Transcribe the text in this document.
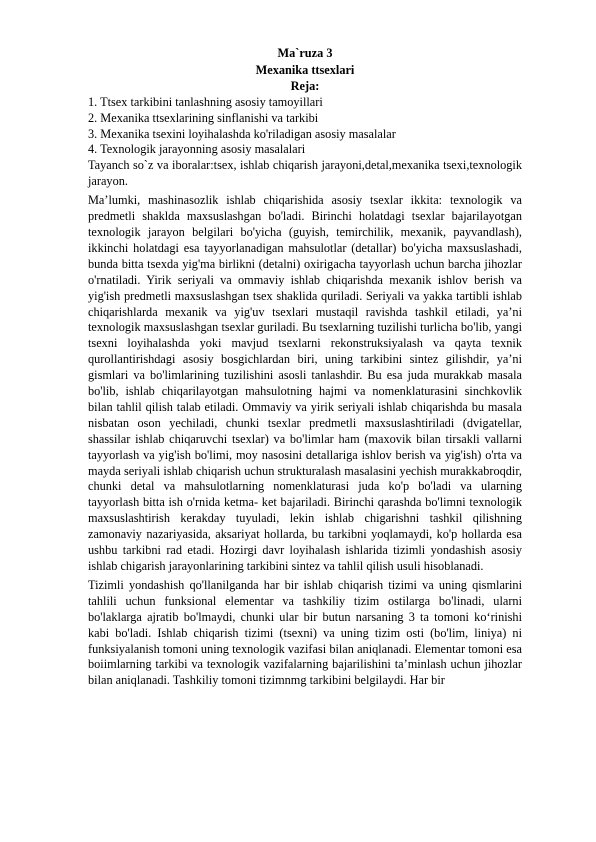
Ma`ruza 3

Mexanika ttsexlari

Reja:

1. Ttsex tarkibini tanlashning asosiy tamoyillari
2. Mexanika ttsexlarining sinflanishi va tarkibi
3. Mexanika tsexini loyihalashda ko'riladigan asosiy masalalar
4. Texnologik jarayonning asosiy masalalari

Tayanch so`z va iboralar:tsex, ishlab chiqarish jarayoni,detal,mexanika tsexi,texnologik jarayon.

Ma’lumki, mashinasozlik ishlab chiqarishida asosiy tsexlar ikkita: texnologik va predmetli shaklda maxsuslashgan bo'ladi. Birinchi holatdagi tsexlar bajarilayotgan texnologik jarayon belgilari bo'yicha (guyish, temirchilik, mexanik, payvandlash), ikkinchi holatdagi esa tayyorlanadigan mahsulotlar (detallar) bo'yicha maxsuslashadi, bunda bitta tsexda yig'ma birlikni (detalni) oxirigacha tayyorlash uchun barcha jihozlar o'rnatiladi. Yirik seriyali va ommaviy ishlab chiqarishda mexanik ishlov berish va yig'ish predmetli maxsuslashgan tsex shaklida quriladi. Seriyali va yakka tartibli ishlab chiqarishlarda mexanik va yig'uv tsexlari mustaqil ravishda tashkil etiladi, ya’ni texnologik maxsuslashgan tsexlar guriladi. Bu tsexlarning tuzilishi turlicha bo'lib, yangi tsexni loyihalashda yoki mavjud tsexlarni rekonstruksiyalash va qayta texnik qurollantirishdagi asosiy bosgichlardan biri, uning tarkibini sintez gilishdir, ya’ni gismlari va bo'limlarining tuzilishini asosli tanlashdir. Bu esa juda murakkab masala bo'lib, ishlab chiqarilayotgan mahsulotning hajmi va nomenklaturasini sinchkovlik bilan tahlil qilish talab etiladi. Ommaviy va yirik seriyali ishlab chiqarishda bu masala nisbatan oson yechiladi, chunki tsexlar predmetli maxsuslashtiriladi (dvigatellar, shassilar ishlab chiqaruvchi tsexlar) va bo'limlar ham (maxovik bilan tirsakli vallarni tayyorlash va yig'ish bo'limi, moy nasosini detallariga ishlov berish va yig'ish) o'rta va mayda seriyali ishlab chiqarish uchun strukturalash masalasini yechish murakkabroqdir, chunki detal va mahsulotlarning nomenklaturasi juda ko'p bo'ladi va ularning tayyorlash bitta ish o'rnida ketma- ket bajariladi. Birinchi qarashda bo'limni texnologik maxsuslashtirish kerakday tuyuladi, lekin ishlab chigarishni tashkil qilishning zamonaviy nazariyasida, aksariyat hollarda, bu tarkibni yoqlamaydi, ko'p hollarda esa ushbu tarkibni rad etadi. Hozirgi davr loyihalash ishlarida tizimli yondashish asosiy ishlab chigarish jarayonlarining tarkibini sintez va tahlil qilish usuli hisoblanadi.

Tizimli yondashish qo'llanilganda har bir ishlab chiqarish tizimi va uning qismlarini tahlili uchun funksional elementar va tashkiliy tizim ostilarga bo'linadi, ularni bo'laklarga ajratib bo'lmaydi, chunki ular bir butun narsaning 3 ta tomoni ko‘rinishi kabi bo'ladi. Ishlab chiqarish tizimi (tsexni) va uning tizim osti (bo'lim, liniya) ni funksiyalanish tomoni uning texnologik vazifasi bilan aniqlanadi. Elementar tomoni esa boiimlarning tarkibi va texnologik vazifalarning bajarilishini ta’minlash uchun jihozlar bilan aniqlanadi. Tashkiliy tomoni tizimnmg tarkibini belgilaydi. Har bir
